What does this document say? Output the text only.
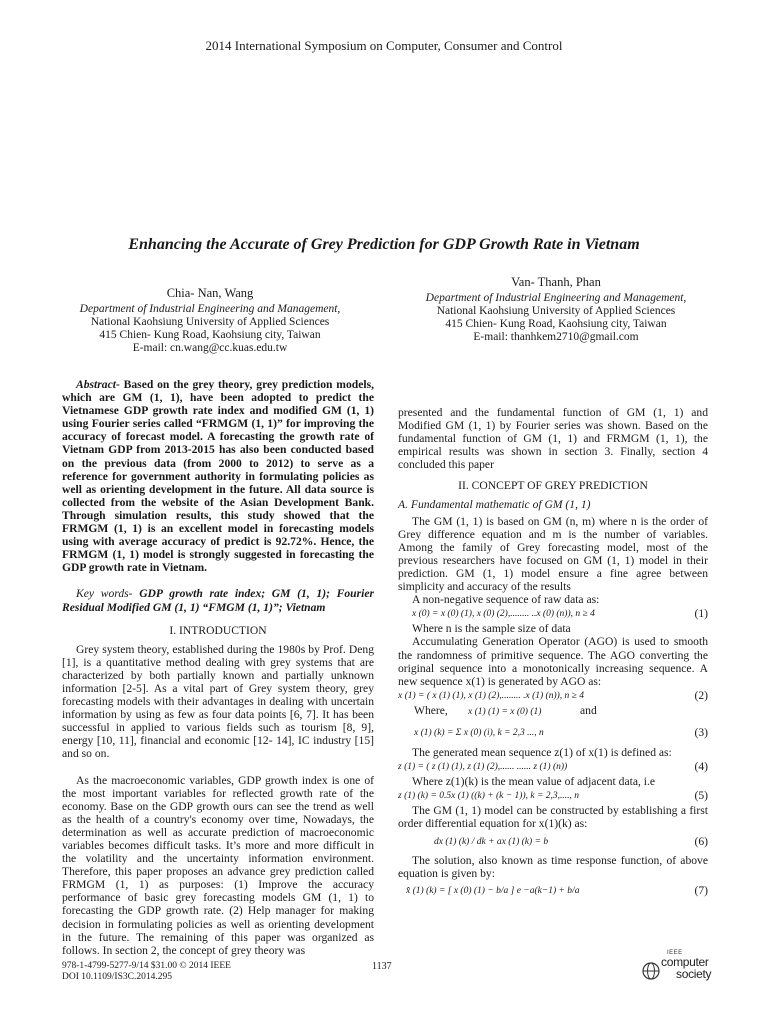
2014 International Symposium on Computer, Consumer and Control
Enhancing the Accurate of Grey Prediction for GDP Growth Rate in Vietnam
Chia- Nan, Wang
Department of Industrial Engineering and Management,
National Kaohsiung University of Applied Sciences
415 Chien- Kung Road, Kaohsiung city, Taiwan
E-mail: cn.wang@cc.kuas.edu.tw
Van- Thanh, Phan
Department of Industrial Engineering and Management,
National Kaohsiung University of Applied Sciences
415 Chien- Kung Road, Kaohsiung city, Taiwan
E-mail: thanhkem2710@gmail.com

Abstract- Based on the grey theory, grey prediction models, which are GM (1, 1), have been adopted to predict the Vietnamese GDP growth rate index and modified GM (1, 1) using Fourier series called “FRMGM (1, 1)” for improving the accuracy of forecast model. A forecasting the growth rate of Vietnam GDP from 2013-2015 has also been conducted based on the previous data (from 2000 to 2012) to serve as a reference for government authority in formulating policies as well as orienting development in the future. All data source is collected from the website of the Asian Development Bank. Through simulation results, this study showed that the FRMGM (1, 1) is an excellent model in forecasting models using with average accuracy of predict is 92.72%. Hence, the FRMGM (1, 1) model is strongly suggested in forecasting the GDP growth rate in Vietnam.

Key words- GDP growth rate index; GM (1, 1); Fourier Residual Modified GM (1, 1) “FMGM (1, 1)”; Vietnam

I. INTRODUCTION

Grey system theory, established during the 1980s by Prof. Deng [1], is a quantitative method dealing with grey systems that are characterized by both partially known and partially unknown information [2-5]. As a vital part of Grey system theory, grey forecasting models with their advantages in dealing with uncertain information by using as few as four data points [6, 7]. It has been successful in applied to various fields such as tourism [8, 9], energy [10, 11], financial and economic [12- 14], IC industry [15] and so on.

As the macroeconomic variables, GDP growth index is one of the most important variables for reflected growth rate of the economy. Base on the GDP growth ours can see the trend as well as the health of a country's economy over time, Nowadays, the determination as well as accurate prediction of macroeconomic variables becomes difficult tasks. It’s more and more difficult in the volatility and the uncertainty information environment. Therefore, this paper proposes an advance grey prediction called FRMGM (1, 1) as purposes: (1) Improve the accuracy performance of basic grey forecasting models GM (1, 1) to forecasting the GDP growth rate. (2) Help manager for making decision in formulating policies as well as orienting development in the future. The remaining of this paper was organized as follows. In section 2, the concept of grey theory was

presented and the fundamental function of GM (1, 1) and Modified GM (1, 1) by Fourier series was shown. Based on the fundamental function of GM (1, 1) and FRMGM (1, 1), the empirical results was shown in section 3. Finally, section 4 concluded this paper

II. CONCEPT OF GREY PREDICTION

A. Fundamental mathematic of GM (1, 1)

The GM (1, 1) is based on GM (n, m) where n is the order of Grey difference equation and m is the number of variables. Among the family of Grey forecasting model, most of the previous researchers have focused on GM (1, 1) model in their prediction. GM (1, 1) model ensure a fine agree between simplicity and accuracy of the results

A non-negative sequence of raw data as:

x (0) = x (0) (1), x (0) (2),........ ..x (0) (n)), n ≥ 4	(1)

Where n is the sample size of data

Accumulating Generation Operator (AGO) is used to smooth the randomness of primitive sequence. The AGO converting the original sequence into a monotonically increasing sequence. A new sequence x(1) is generated by AGO as:

x (1) = ( x (1) (1), x (1) (2),........ .x (1) (n)), n ≥ 4	(2)
Where, x (1) (1) = x (0) (1)	and
x (1) (k) = Σ x (0) (i), k = 2,3 ..., n	(3)

The generated mean sequence z(1) of x(1) is defined as:

z (1) = ( z (1) (1), z (1) (2),...... ...... z (1) (n))	(4)

Where z(1)(k) is the mean value of adjacent data, i.e

z (1) (k) = 0.5x (1) ((k) + (k − 1)), k = 2,3,...., n	(5)

The GM (1, 1) model can be constructed by establishing a first order differential equation for x(1)(k) as:

dx (1) (k) / dk + ax (1) (k) = b	(6)

The solution, also known as time response function, of above equation is given by:

x̂ (1) (k) = [ x (0) (1) − b/a ] e −a(k−1) + b/a	(7)
978-1-4799-5277-9/14 $31.00 © 2014 IEEE
DOI 10.1109/IS3C.2014.295
1137
IEEE
computer
society
